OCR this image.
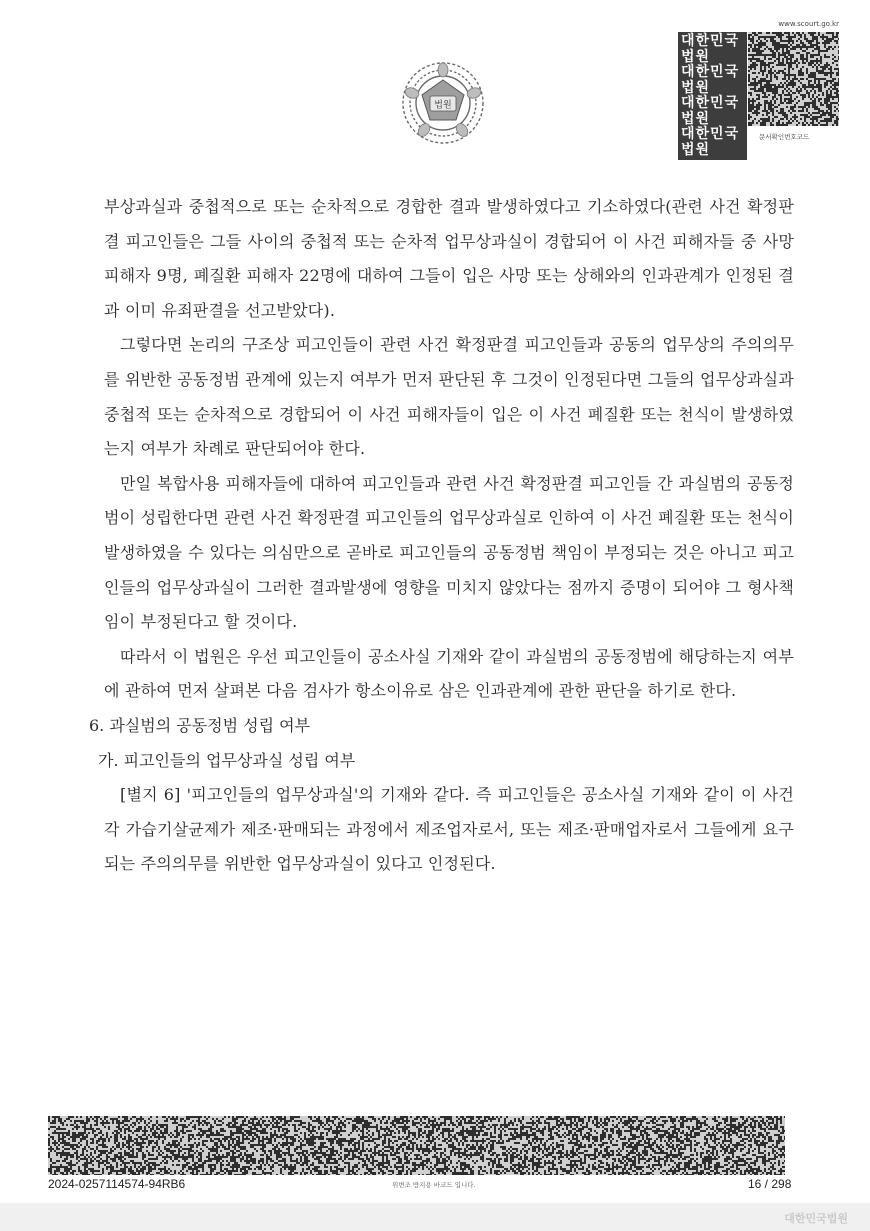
법원
www.scourt.go.kr
대한민국법원
대한민국법원
대한민국법원
대한민국법원
문서확인번호코드

부상과실과 중첩적으로 또는 순차적으로 경합한 결과 발생하였다고 기소하였다(관련 사건 확정판결 피고인들은 그들 사이의 중첩적 또는 순차적 업무상과실이 경합되어 이 사건 피해자들 중 사망 피해자 9명, 폐질환 피해자 22명에 대하여 그들이 입은 사망 또는 상해와의 인과관계가 인정된 결과 이미 유죄판결을 선고받았다).

그렇다면 논리의 구조상 피고인들이 관련 사건 확정판결 피고인들과 공동의 업무상의 주의의무를 위반한 공동정범 관계에 있는지 여부가 먼저 판단된 후 그것이 인정된다면 그들의 업무상과실과 중첩적 또는 순차적으로 경합되어 이 사건 피해자들이 입은 이 사건 폐질환 또는 천식이 발생하였는지 여부가 차례로 판단되어야 한다.

만일 복합사용 피해자들에 대하여 피고인들과 관련 사건 확정판결 피고인들 간 과실범의 공동정범이 성립한다면 관련 사건 확정판결 피고인들의 업무상과실로 인하여 이 사건 폐질환 또는 천식이 발생하였을 수 있다는 의심만으로 곧바로 피고인들의 공동정범 책임이 부정되는 것은 아니고 피고인들의 업무상과실이 그러한 결과발생에 영향을 미치지 않았다는 점까지 증명이 되어야 그 형사책임이 부정된다고 할 것이다.

따라서 이 법원은 우선 피고인들이 공소사실 기재와 같이 과실범의 공동정범에 해당하는지 여부에 관하여 먼저 살펴본 다음 검사가 항소이유로 삼은 인과관계에 관한 판단을 하기로 한다.

6. 과실범의 공동정범 성립 여부

가. 피고인들의 업무상과실 성립 여부

[별지 6] '피고인들의 업무상과실'의 기재와 같다. 즉 피고인들은 공소사실 기재와 같이 이 사건 각 가습기살균제가 제조·판매되는 과정에서 제조업자로서, 또는 제조·판매업자로서 그들에게 요구되는 주의의무를 위반한 업무상과실이 있다고 인정된다.

2024-0257114574-94RB6	위변조 방지용 바코드 입니다.	16 / 298
대한민국법원
